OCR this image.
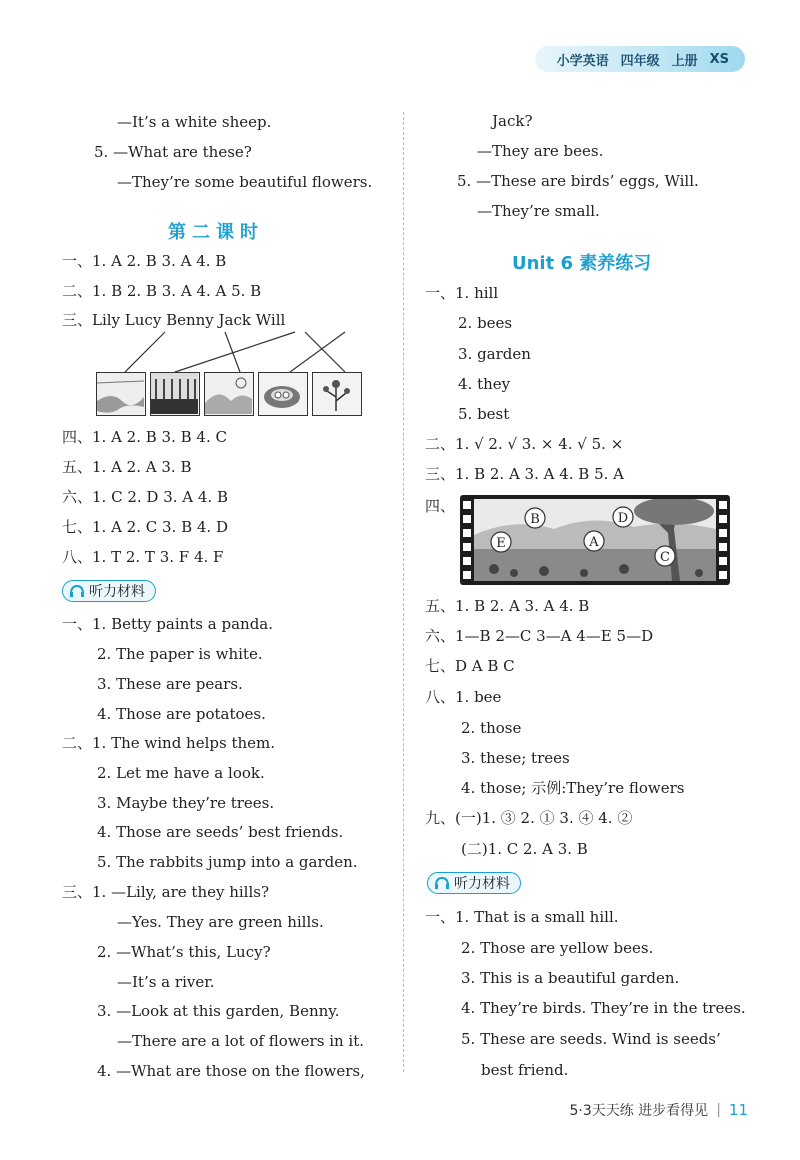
小学英语 四年级 上册 XS
—It’s a white sheep.
5. —What are these?
—They’re some beautiful flowers.
第二课时
一、1. A 2. B 3. A 4. B
二、1. B 2. B 3. A 4. A 5. B
三、Lily Lucy Benny Jack Will
四、1. A 2. B 3. B 4. C
五、1. A 2. A 3. B
六、1. C 2. D 3. A 4. B
七、1. A 2. C 3. B 4. D
八、1. T 2. T 3. F 4. F
听力材料
一、1. Betty paints a panda.
2. The paper is white.
3. These are pears.
4. Those are potatoes.
二、1. The wind helps them.
2. Let me have a look.
3. Maybe they’re trees.
4. Those are seeds’ best friends.
5. The rabbits jump into a garden.
三、1. —Lily, are they hills?
—Yes. They are green hills.
2. —What’s this, Lucy?
—It’s a river.
3. —Look at this garden, Benny.
—There are a lot of flowers in it.
4. —What are those on the flowers,
Jack?
—They are bees.
5. —These are birds’ eggs, Will.
—They’re small.
Unit 6 素养练习
一、1. hill
2. bees
3. garden
4. they
5. best
二、1. √ 2. √ 3. × 4. √ 5. ×
三、1. B 2. A 3. A 4. B 5. A
四、
B	D
E	A
C
五、1. B 2. A 3. A 4. B
六、1—B 2—C 3—A 4—E 5—D
七、D A B C
八、1. bee
2. those
3. these; trees
4. those; 示例:They’re flowers
九、(一)1. ③ 2. ① 3. ④ 4. ②
(二)1. C 2. A 3. B
听力材料
一、1. That is a small hill.
2. Those are yellow bees.
3. This is a beautiful garden.
4. They’re birds. They’re in the trees.
5. These are seeds. Wind is seeds’
best friend.
5·3天天练 进步看得见 | 11
